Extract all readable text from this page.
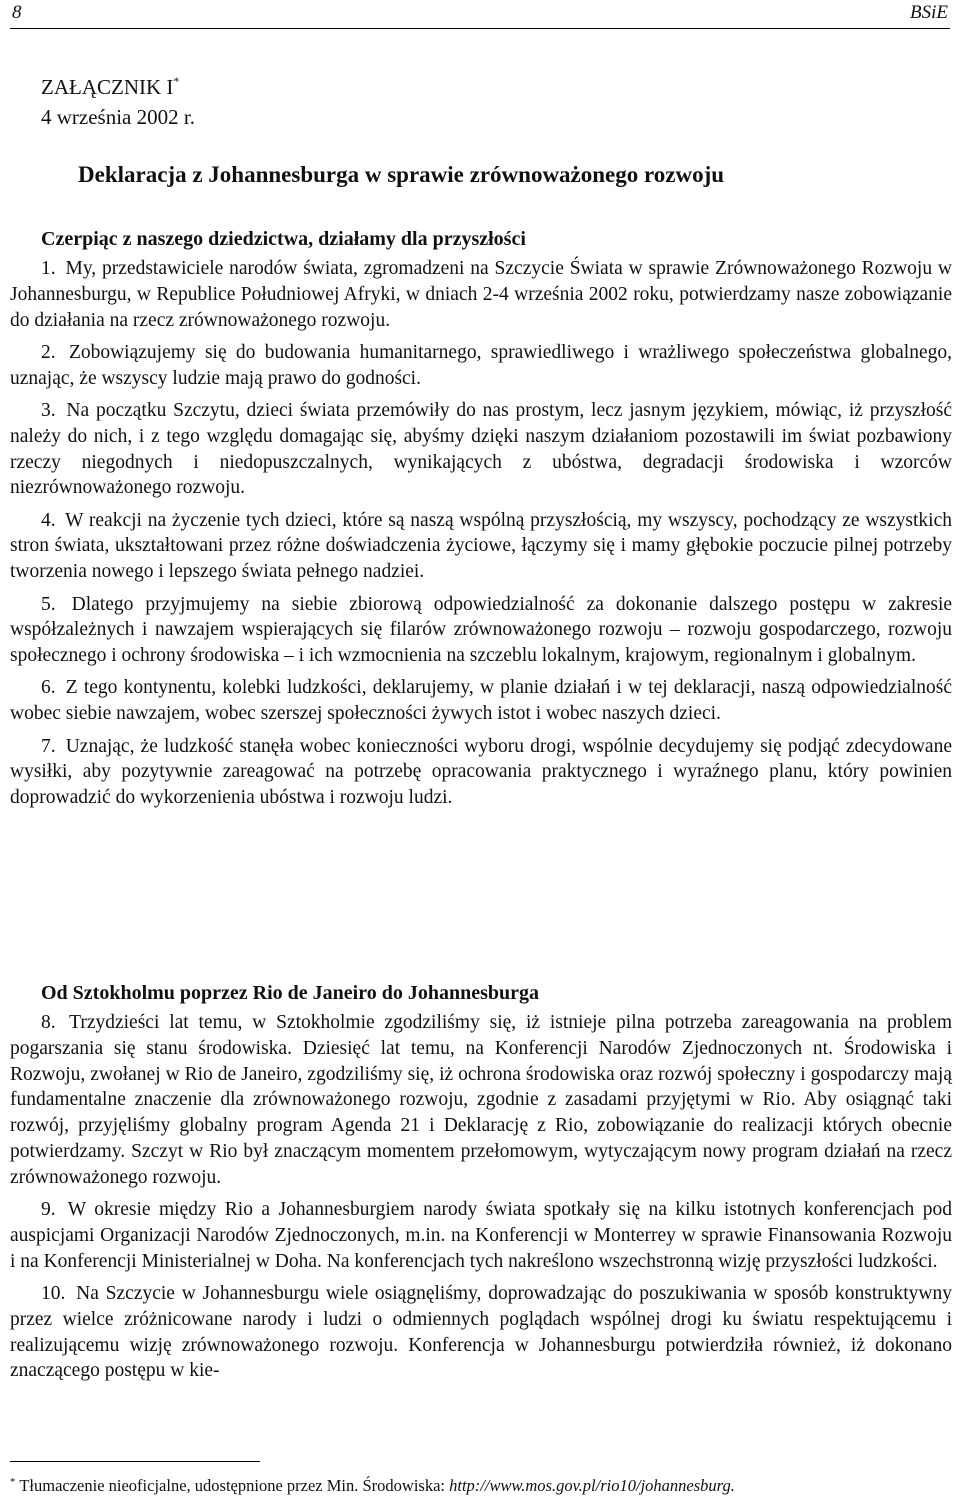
8	BSiE
ZAŁĄCZNIK I*
4 września 2002 r.
Deklaracja z Johannesburga w sprawie zrównoważonego rozwoju
Czerpiąc z naszego dziedzictwa, działamy dla przyszłości

1. My, przedstawiciele narodów świata, zgromadzeni na Szczycie Świata w sprawie Zrównoważonego Rozwoju w Johannesburgu, w Republice Południowej Afryki, w dniach 2-4 września 2002 roku, potwierdzamy nasze zobowiązanie do działania na rzecz zrównoważonego rozwoju.

2. Zobowiązujemy się do budowania humanitarnego, sprawiedliwego i wrażliwego społeczeństwa globalnego, uznając, że wszyscy ludzie mają prawo do godności.

3. Na początku Szczytu, dzieci świata przemówiły do nas prostym, lecz jasnym językiem, mówiąc, iż przyszłość należy do nich, i z tego względu domagając się, abyśmy dzięki naszym działaniom pozostawili im świat pozbawiony rzeczy niegodnych i niedopuszczalnych, wynikających z ubóstwa, degradacji środowiska i wzorców niezrównoważonego rozwoju.

4. W reakcji na życzenie tych dzieci, które są naszą wspólną przyszłością, my wszyscy, pochodzący ze wszystkich stron świata, ukształtowani przez różne doświadczenia życiowe, łączymy się i mamy głębokie poczucie pilnej potrzeby tworzenia nowego i lepszego świata pełnego nadziei.

5. Dlatego przyjmujemy na siebie zbiorową odpowiedzialność za dokonanie dalszego postępu w zakresie współzależnych i nawzajem wspierających się filarów zrównoważonego rozwoju – rozwoju gospodarczego, rozwoju społecznego i ochrony środowiska – i ich wzmocnienia na szczeblu lokalnym, krajowym, regionalnym i globalnym.

6. Z tego kontynentu, kolebki ludzkości, deklarujemy, w planie działań i w tej deklaracji, naszą odpowiedzialność wobec siebie nawzajem, wobec szerszej społeczności żywych istot i wobec naszych dzieci.

7. Uznając, że ludzkość stanęła wobec konieczności wyboru drogi, wspólnie decydujemy się podjąć zdecydowane wysiłki, aby pozytywnie zareagować na potrzebę opracowania praktycznego i wyraźnego planu, który powinien doprowadzić do wykorzenienia ubóstwa i rozwoju ludzi.

Od Sztokholmu poprzez Rio de Janeiro do Johannesburga

8. Trzydzieści lat temu, w Sztokholmie zgodziliśmy się, iż istnieje pilna potrzeba zareagowania na problem pogarszania się stanu środowiska. Dziesięć lat temu, na Konferencji Narodów Zjednoczonych nt. Środowiska i Rozwoju, zwołanej w Rio de Janeiro, zgodziliśmy się, iż ochrona środowiska oraz rozwój społeczny i gospodarczy mają fundamentalne znaczenie dla zrównoważonego rozwoju, zgodnie z zasadami przyjętymi w Rio. Aby osiągnąć taki rozwój, przyjęliśmy globalny program Agenda 21 i Deklarację z Rio, zobowiązanie do realizacji których obecnie potwierdzamy. Szczyt w Rio był znaczącym momentem przełomowym, wytyczającym nowy program działań na rzecz zrównoważonego rozwoju.

9. W okresie między Rio a Johannesburgiem narody świata spotkały się na kilku istotnych konferencjach pod auspicjami Organizacji Narodów Zjednoczonych, m.in. na Konferencji w Monterrey w sprawie Finansowania Rozwoju i na Konferencji Ministerialnej w Doha. Na konferencjach tych nakreślono wszechstronną wizję przyszłości ludzkości.

10. Na Szczycie w Johannesburgu wiele osiągnęliśmy, doprowadzając do poszukiwania w sposób konstruktywny przez wielce zróżnicowane narody i ludzi o odmiennych poglądach wspólnej drogi ku światu respektującemu i realizującemu wizję zrównoważonego rozwoju. Konferencja w Johannesburgu potwierdziła również, iż dokonano znaczącego postępu w kie-

* Tłumaczenie nieoficjalne, udostępnione przez Min. Środowiska: http://www.mos.gov.pl/rio10/johannesburg.
